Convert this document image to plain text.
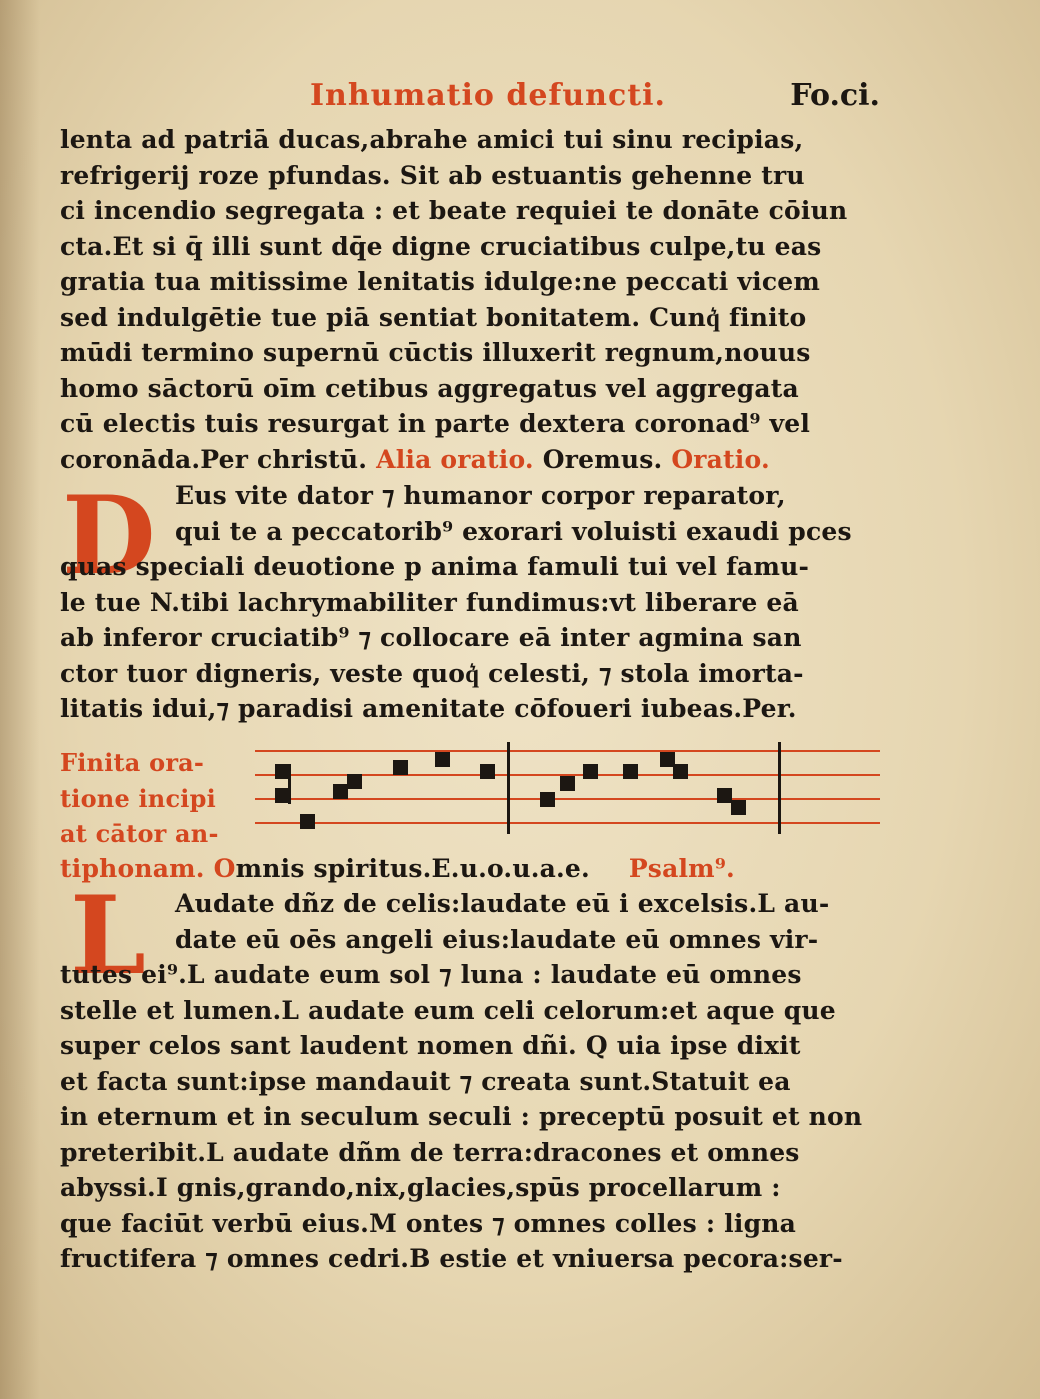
Inhumatio defuncti.	Fo.ci.
lenta ad patriā ducas,abrahe amici tui sinu recipias,
refrigerij roze pfundas. Sit ab estuantis gehenne tru
ci incendio segregata : et beate requiei te donāte cōiun
cta.Et si q̄ illi sunt dq̄e digne cruciatibus culpe,tu eas
gratia tua mitissime lenitatis idulge:ne peccati vicem
sed indulgētie tue piā sentiat bonitatem. Cunq͛ finito
mūdi termino supernū cūctis illuxerit regnum,nouus
homo sāctorū oīm cetibus aggregatus vel aggregata
cū electis tuis resurgat in parte dextera coronad⁹ vel
coronāda.Per christū. Alia oratio. Oremus. Oratio.
D Eus vite dator ⁊ humanor corpor reparator,
qui te a peccatorib⁹ exorari voluisti exaudi pces
quas speciali deuotione p anima famuli tui vel famu-
le tue N.tibi lachrymabiliter fundimus:vt liberare eā
ab inferor cruciatib⁹ ⁊ collocare eā inter agmina san
ctor tuor digneris, veste quoq͛ celesti, ⁊ stola imorta-
litatis idui,⁊ paradisi amenitate cōfoueri iubeas.Per.
Finita ora-
tione incipi
at cātor an-
tiphonam. Omnis spiritus.E.u.o.u.a.e. Psalm⁹.
L	Audate dñz de celis:laudate eū i excelsis.L au-
date eū oēs angeli eius:laudate eū omnes vir-
tutes ei⁹.L audate eum sol ⁊ luna : laudate eū omnes
stelle et lumen.L audate eum celi celorum:et aque que
super celos sant laudent nomen dñi. Q uia ipse dixit
et facta sunt:ipse mandauit ⁊ creata sunt.Statuit ea
in eternum et in seculum seculi : preceptū posuit et non
preteribit.L audate dñm de terra:dracones et omnes
abyssi.I gnis,grando,nix,glacies,spūs procellarum :
que faciūt verbū eius.M ontes ⁊ omnes colles : ligna
fructifera ⁊ omnes cedri.B estie et vniuersa pecora:ser-
